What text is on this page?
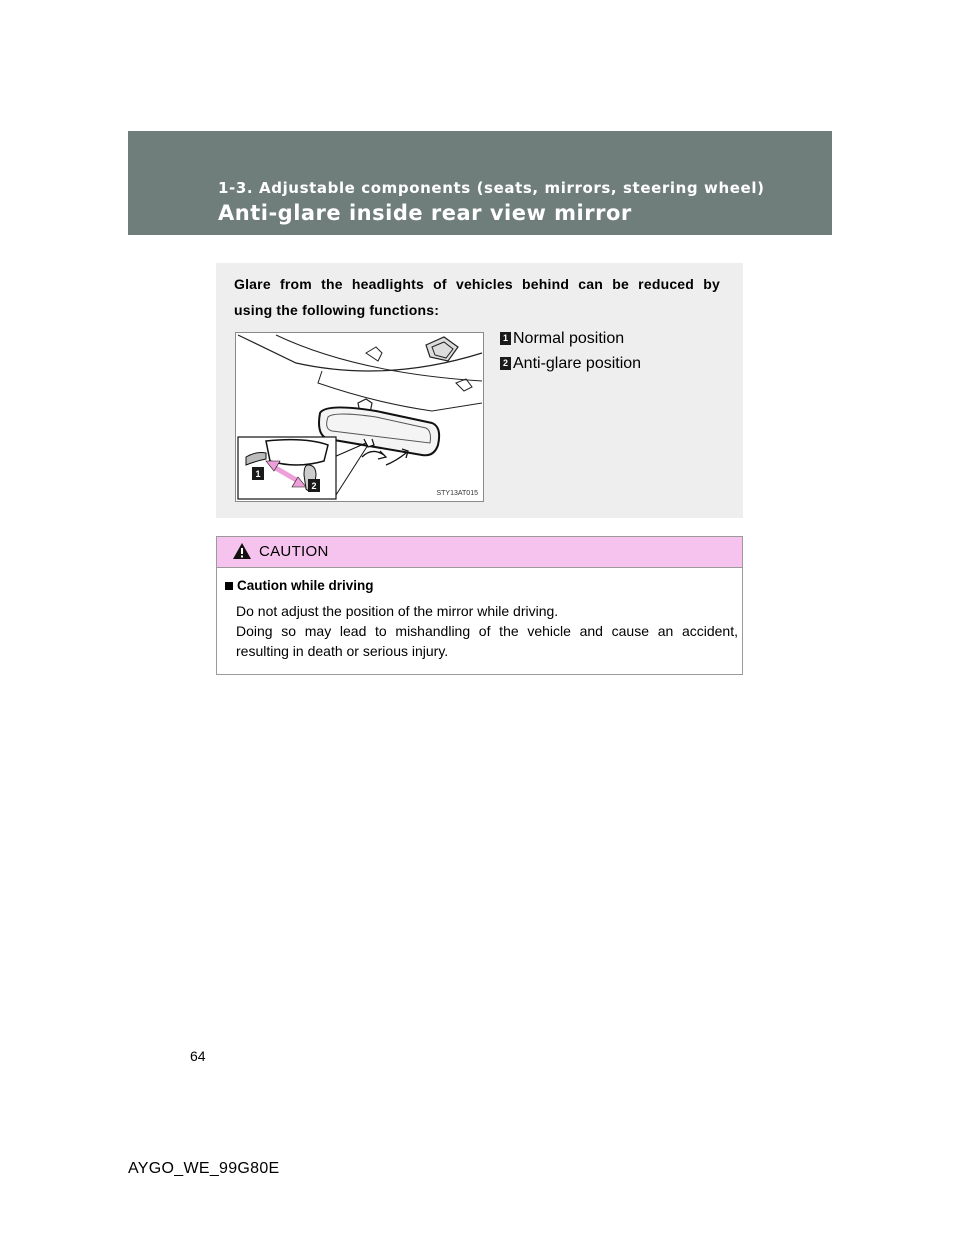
1-3. Adjustable components (seats, mirrors, steering wheel)
Anti-glare inside rear view mirror
Glare from the headlights of vehicles behind can be reduced by
using the following functions:
1
2
STY13AT015
1 Normal position
2 Anti-glare position
CAUTION
Caution while driving
Do not adjust the position of the mirror while driving.
Doing so may lead to mishandling of the vehicle and cause an accident,
resulting in death or serious injury.
64
AYGO_WE_99G80E
